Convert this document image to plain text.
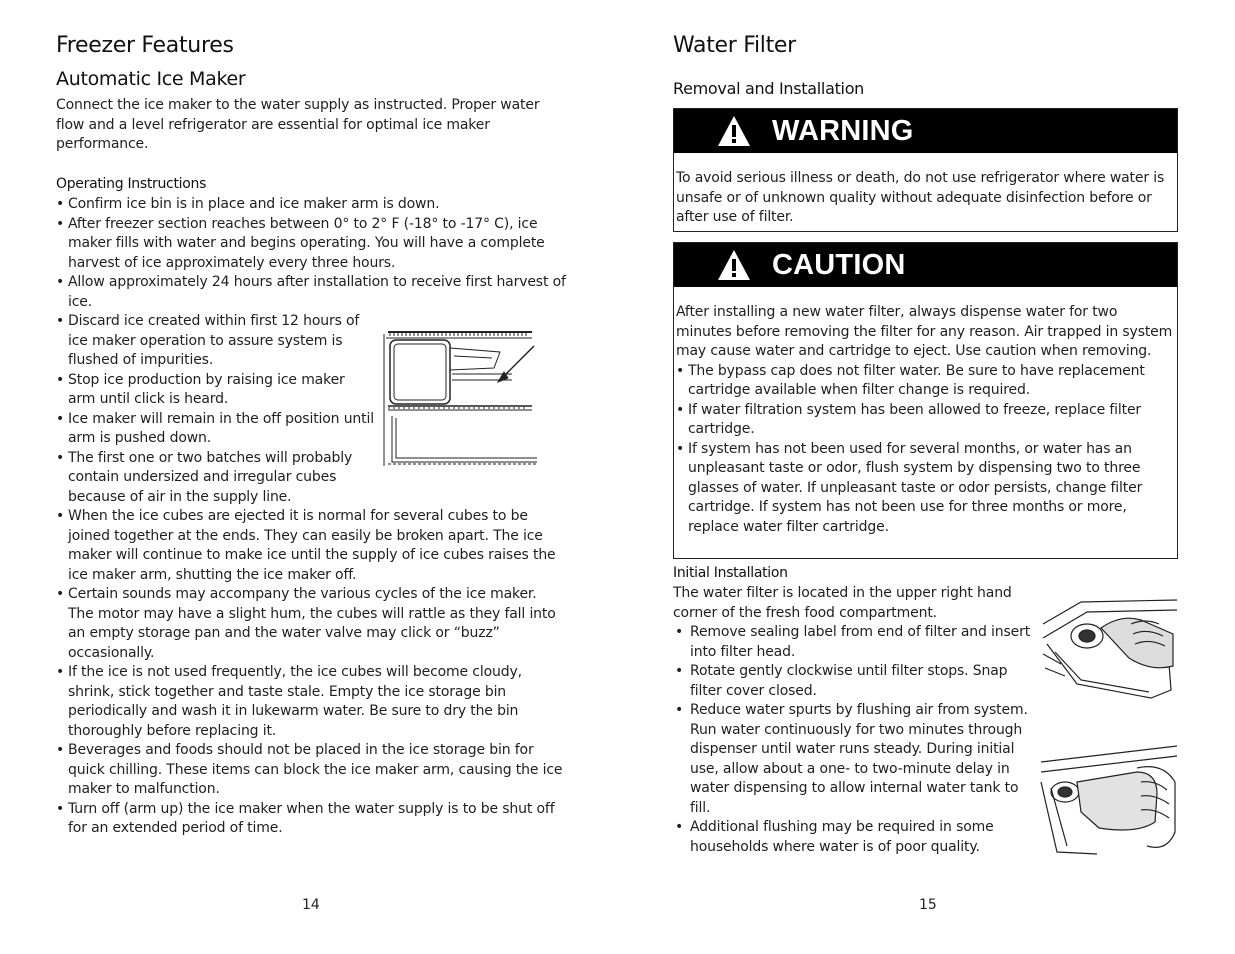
Freezer Features
Automatic Ice Maker
Connect the ice maker to the water supply as instructed. Proper water flow and a level refrigerator are essential for optimal ice maker performance.
Operating Instructions
• Confirm ice bin is in place and ice maker arm is down.
• After freezer section reaches between 0° to 2° F (-18° to -17° C), ice maker fills with water and begins operating. You will have a complete harvest of ice approximately every three hours.
• Allow approximately 24 hours after installation to receive first harvest of ice.
• Discard ice created within first 12 hours of ice maker operation to assure system is flushed of impurities.
• Stop ice production by raising ice maker arm until click is heard.
• Ice maker will remain in the off position until arm is pushed down.
• The first one or two batches will probably contain undersized and irregular cubes because of air in the supply line.
• When the ice cubes are ejected it is normal for several cubes to be joined together at the ends. They can easily be broken apart. The ice maker will continue to make ice until the supply of ice cubes raises the ice maker arm, shutting the ice maker off.
• Certain sounds may accompany the various cycles of the ice maker. The motor may have a slight hum, the cubes will rattle as they fall into an empty storage pan and the water valve may click or “buzz” occasionally.
• If the ice is not used frequently, the ice cubes will become cloudy, shrink, stick together and taste stale. Empty the ice storage bin periodically and wash it in lukewarm water. Be sure to dry the bin thoroughly before replacing it.
• Beverages and foods should not be placed in the ice storage bin for quick chilling. These items can block the ice maker arm, causing the ice maker to malfunction.
• Turn off (arm up) the ice maker when the water supply is to be shut off for an extended period of time.
14
Water Filter
Removal and Installation
WARNING
To avoid serious illness or death, do not use refrigerator where water is unsafe or of unknown quality without adequate disinfection before or after use of filter.
CAUTION
After installing a new water filter, always dispense water for two minutes before removing the filter for any reason. Air trapped in system may cause water and cartridge to eject. Use caution when removing.
• The bypass cap does not filter water. Be sure to have replacement cartridge available when filter change is required.
• If water filtration system has been allowed to freeze, replace filter cartridge.
• If system has not been used for several months, or water has an unpleasant taste or odor, flush system by dispensing two to three glasses of water. If unpleasant taste or odor persists, change filter cartridge. If system has not been use for three months or more, replace water filter cartridge.
Initial Installation
The water filter is located in the upper right hand corner of the fresh food compartment.
• Remove sealing label from end of filter and insert into filter head.
• Rotate gently clockwise until filter stops. Snap filter cover closed.
• Reduce water spurts by flushing air from system. Run water continuously for two minutes through dispenser until water runs steady. During initial use, allow about a one- to two-minute delay in water dispensing to allow internal water tank to fill.
• Additional flushing may be required in some households where water is of poor quality.
15
